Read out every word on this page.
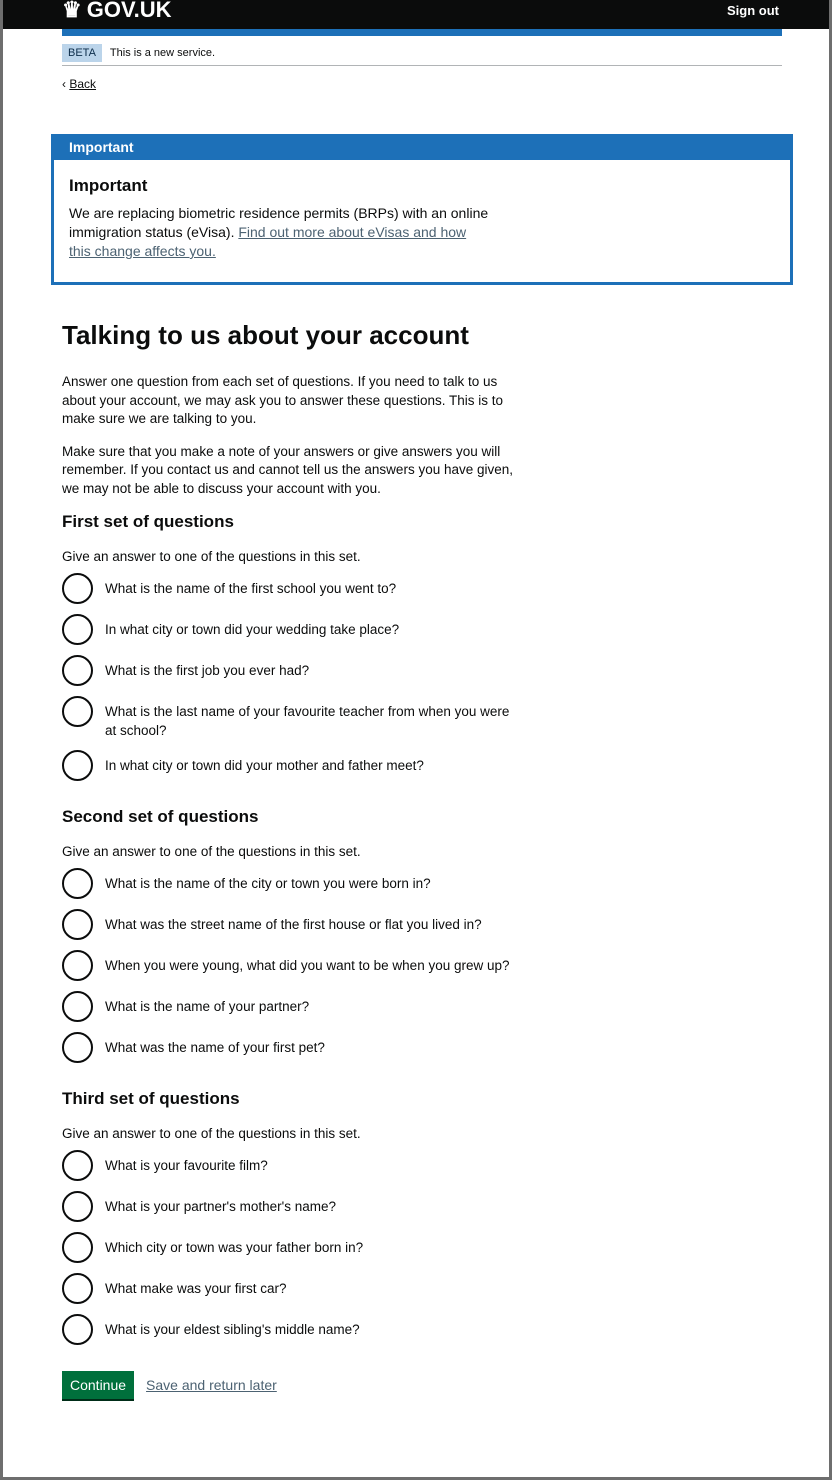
♛ GOV.UK	Sign out
BETA	This is a new service.
‹ Back
Important
Important
We are replacing biometric residence permits (BRPs) with an online immigration status (eVisa). Find out more about eVisas and how this change affects you.
Talking to us about your account

Answer one question from each set of questions. If you need to talk to us about your account, we may ask you to answer these questions. This is to make sure we are talking to you.

Make sure that you make a note of your answers or give answers you will remember. If you contact us and cannot tell us the answers you have given, we may not be able to discuss your account with you.

First set of questions
Give an answer to one of the questions in this set.
What is the name of the first school you went to?
In what city or town did your wedding take place?
What is the first job you ever had?
What is the last name of your favourite teacher from when you were at school?
In what city or town did your mother and father meet?
Second set of questions
Give an answer to one of the questions in this set.
What is the name of the city or town you were born in?
What was the street name of the first house or flat you lived in?
When you were young, what did you want to be when you grew up?
What is the name of your partner?
What was the name of your first pet?
Third set of questions
Give an answer to one of the questions in this set.
What is your favourite film?
What is your partner's mother's name?
Which city or town was your father born in?
What make was your first car?
What is your eldest sibling's middle name?
Continue	Save and return later
